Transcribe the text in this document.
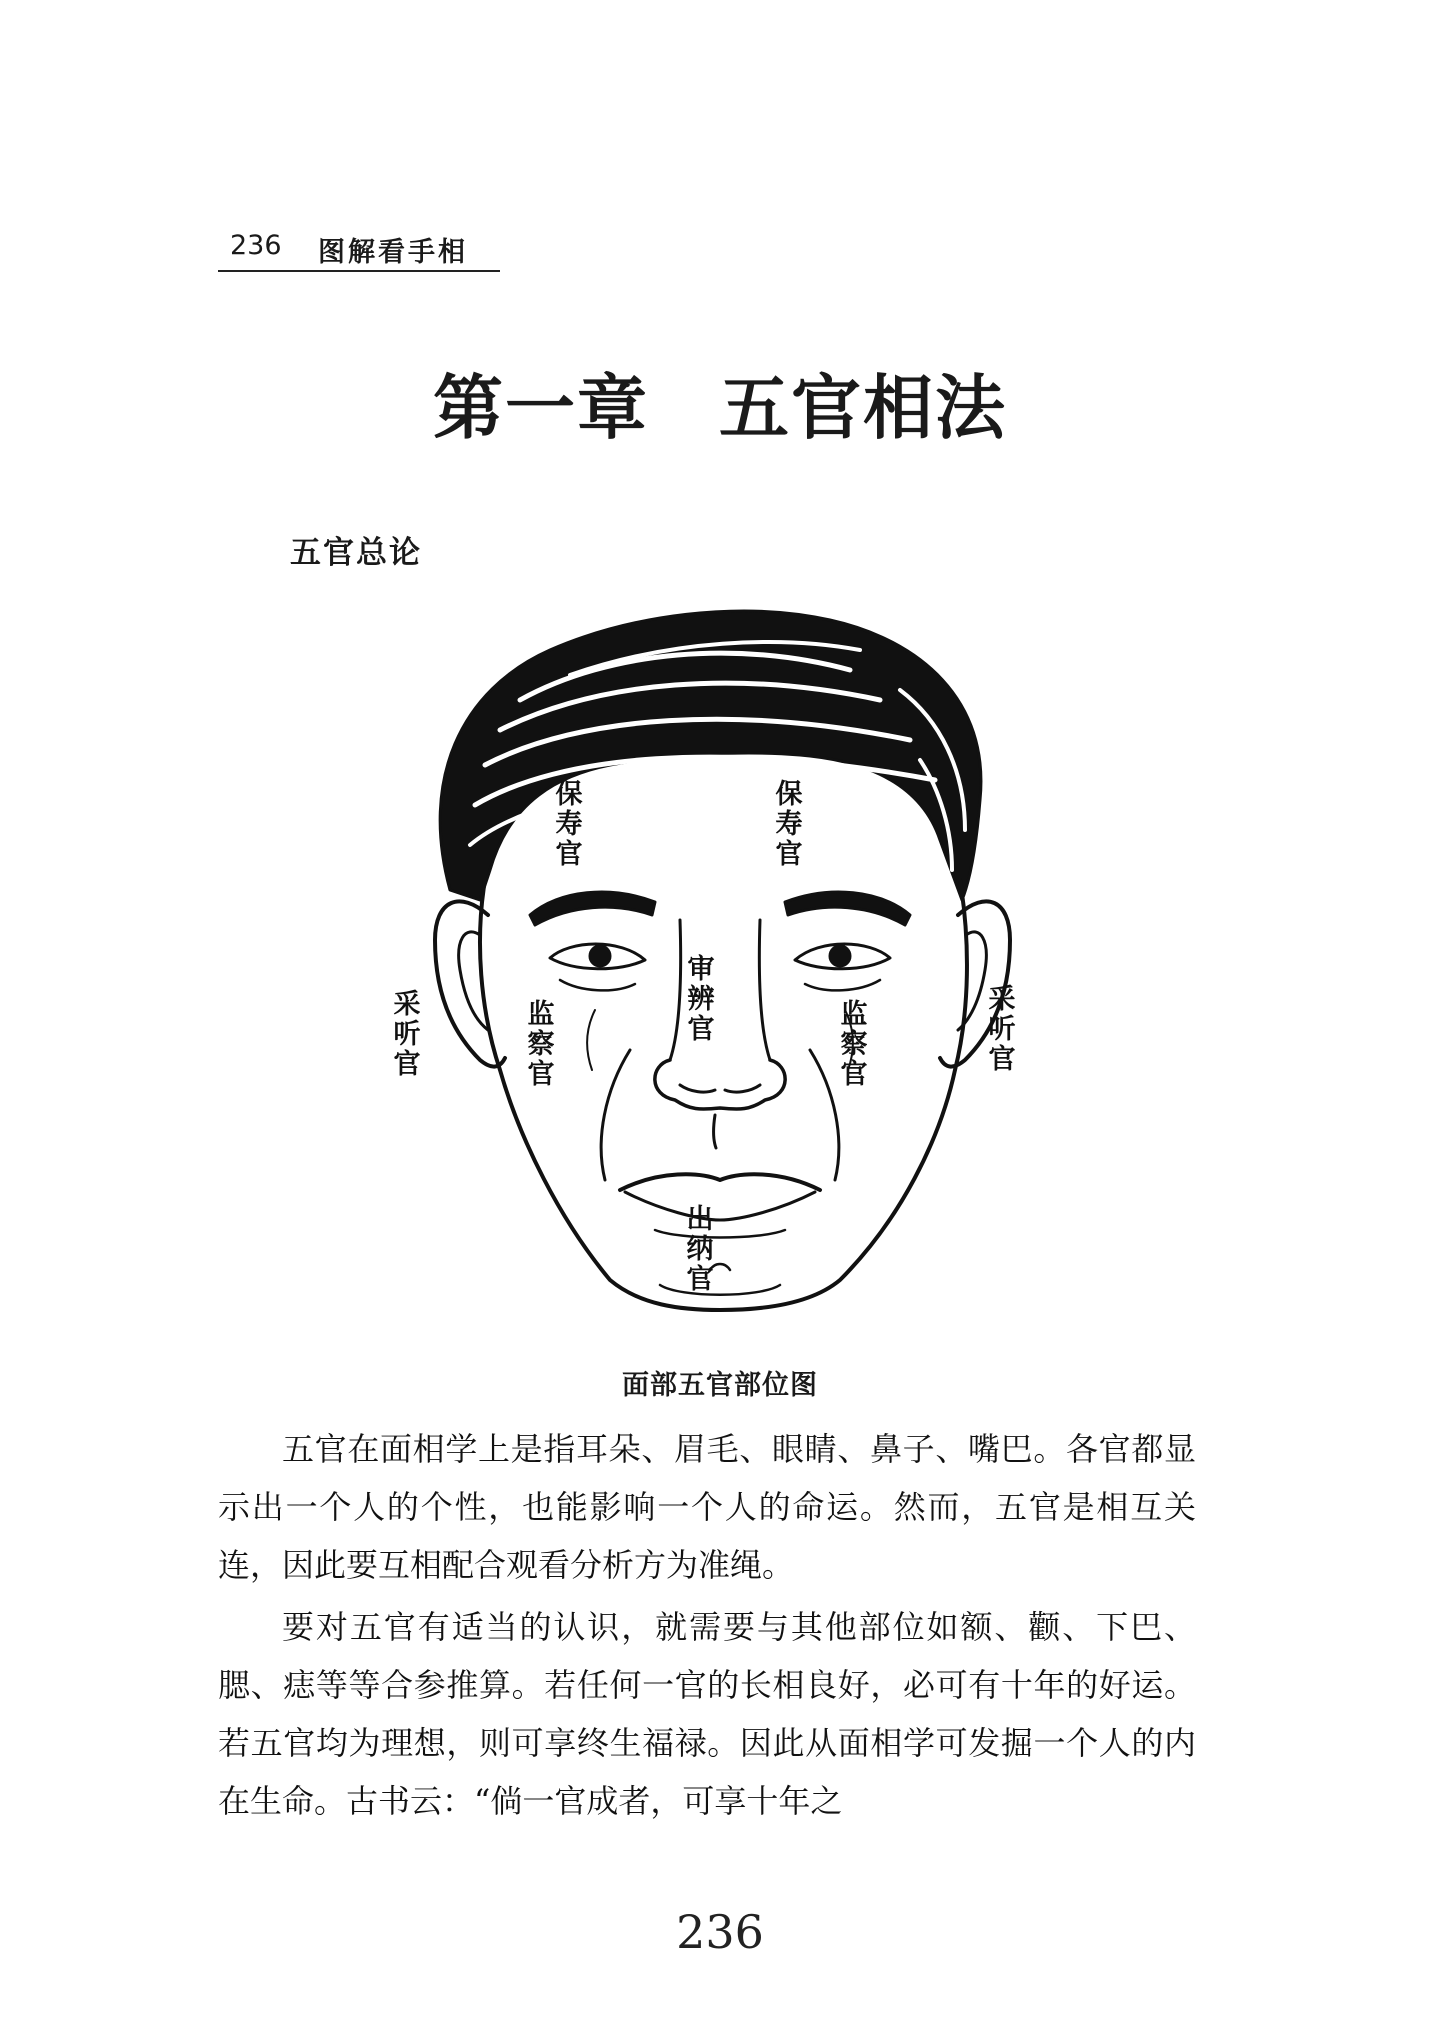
236 图解看手相
第一章 五官相法
五官总论
保
寿
官
保
寿
官
审
辨
官
监
察
官
监
察
官
采
听
官
采
听
官
出
纳
官
面部五官部位图

五官在面相学上是指耳朵、眉毛、眼睛、鼻子、嘴巴。各官都显示出一个人的个性，也能影响一个人的命运。然而，五官是相互关连，因此要互相配合观看分析方为准绳。

要对五官有适当的认识，就需要与其他部位如额、颧、下巴、腮、痣等等合参推算。若任何一官的长相良好，必可有十年的好运。若五官均为理想，则可享终生福禄。因此从面相学可发掘一个人的内在生命。古书云：“倘一官成者，可享十年之

236
